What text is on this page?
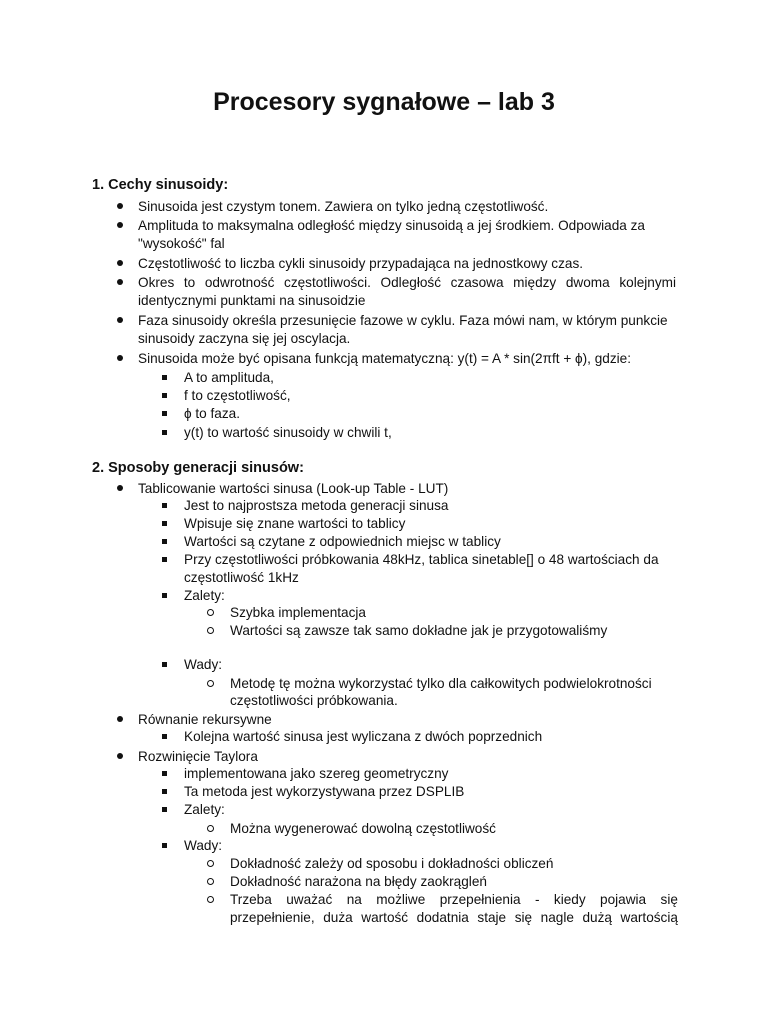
Procesory sygnałowe – lab 3
1. Cechy sinusoidy:

Sinusoida jest czystym tonem. Zawiera on tylko jedną częstotliwość.

Amplituda to maksymalna odległość między sinusoidą a jej środkiem. Odpowiada za

"wysokość" fal

Częstotliwość to liczba cykli sinusoidy przypadająca na jednostkowy czas.

Okres to odwrotność częstotliwości. Odległość czasowa między dwoma kolejnymi

identycznymi punktami na sinusoidzie

Faza sinusoidy określa przesunięcie fazowe w cyklu. Faza mówi nam, w którym punkcie

sinusoidy zaczyna się jej oscylacja.

Sinusoida może być opisana funkcją matematyczną: y(t) = A * sin(2πft + ϕ), gdzie:

A to amplituda,

f to częstotliwość,

ϕ to faza.

y(t) to wartość sinusoidy w chwili t,

2. Sposoby generacji sinusów:

Tablicowanie wartości sinusa (Look-up Table - LUT)

Jest to najprostsza metoda generacji sinusa

Wpisuje się znane wartości to tablicy

Wartości są czytane z odpowiednich miejsc w tablicy

Przy częstotliwości próbkowania 48kHz, tablica sinetable[] o 48 wartościach da

częstotliwość 1kHz

Zalety:

Szybka implementacja

Wartości są zawsze tak samo dokładne jak je przygotowaliśmy

Wady:

Metodę tę można wykorzystać tylko dla całkowitych podwielokrotności

częstotliwości próbkowania.

Równanie rekursywne

Kolejna wartość sinusa jest wyliczana z dwóch poprzednich

Rozwinięcie Taylora

implementowana jako szereg geometryczny

Ta metoda jest wykorzystywana przez DSPLIB

Zalety:

Można wygenerować dowolną częstotliwość

Wady:

Dokładność zależy od sposobu i dokładności obliczeń

Dokładność narażona na błędy zaokrągleń

Trzeba uważać na możliwe przepełnienia - kiedy pojawia się

przepełnienie, duża wartość dodatnia staje się nagle dużą wartością
